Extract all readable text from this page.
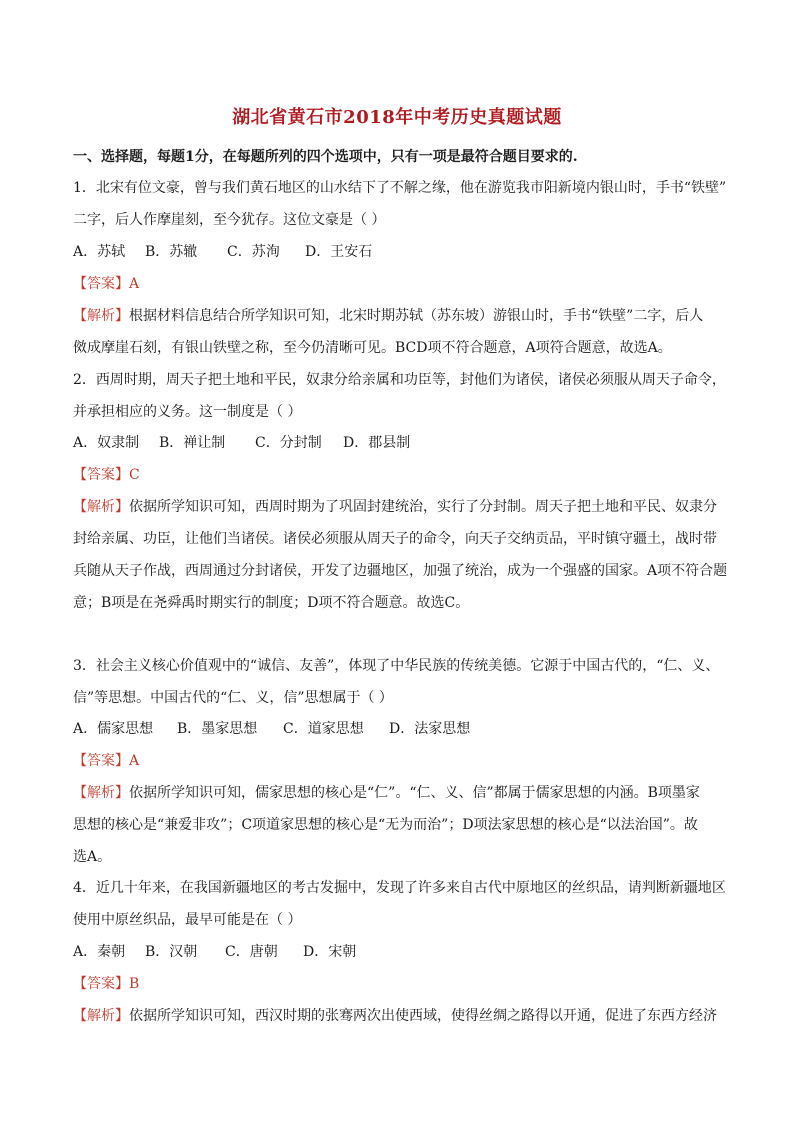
湖北省黄石市2018年中考历史真题试题
一、选择题，每题1分，在每题所列的四个选项中，只有一项是最符合题目要求的.
1．北宋有位文豪，曾与我们黄石地区的山水结下了不解之缘，他在游览我市阳新境内银山时，手书“铁壁”
二字，后人作摩崖刻，至今犹存。这位文豪是（ ）
A．苏轼 B．苏辙 C．苏洵 D．王安石
【答案】A
【解析】根据材料信息结合所学知识可知，北宋时期苏轼（苏东坡）游银山时，手书“铁壁”二字，后人
傚成摩崖石刻，有银山铁壁之称，至今仍清晰可见。BCD项不符合题意，A项符合题意，故选A。
2．西周时期，周天子把土地和平民，奴隶分给亲属和功臣等，封他们为诸侯，诸侯必须服从周天子命令，
并承担相应的义务。这一制度是（ ）
A．奴隶制 B．禅让制 C．分封制 D．郡县制
【答案】C
【解析】依据所学知识可知，西周时期为了巩固封建统治，实行了分封制。周天子把土地和平民、奴隶分
封给亲属、功臣，让他们当诸侯。诸侯必须服从周天子的命令，向天子交纳贡品，平时镇守疆土，战时带
兵随从天子作战，西周通过分封诸侯，开发了边疆地区，加强了统治，成为一个强盛的国家。A项不符合题
意；B项是在尧舜禹时期实行的制度；D项不符合题意。故选C。
3．社会主义核心价值观中的“诚信、友善”，体现了中华民族的传统美德。它源于中国古代的，“仁、义、
信”等思想。中国古代的“仁、义，信”思想属于（ ）
A．儒家思想 B．墨家思想 C．道家思想 D．法家思想
【答案】A
【解析】依据所学知识可知，儒家思想的核心是“仁”。“仁、义、信”都属于儒家思想的内涵。B项墨家
思想的核心是“兼爱非攻”；C项道家思想的核心是“无为而治”；D项法家思想的核心是“以法治国”。故
选A。
4．近几十年来，在我国新疆地区的考古发掘中，发现了许多来自古代中原地区的丝织品，请判断新疆地区
使用中原丝织品，最早可能是在（ ）
A．秦朝 B．汉朝 C．唐朝 D．宋朝
【答案】B
【解析】依据所学知识可知，西汉时期的张骞两次出使西域，使得丝绸之路得以开通，促进了东西方经济
